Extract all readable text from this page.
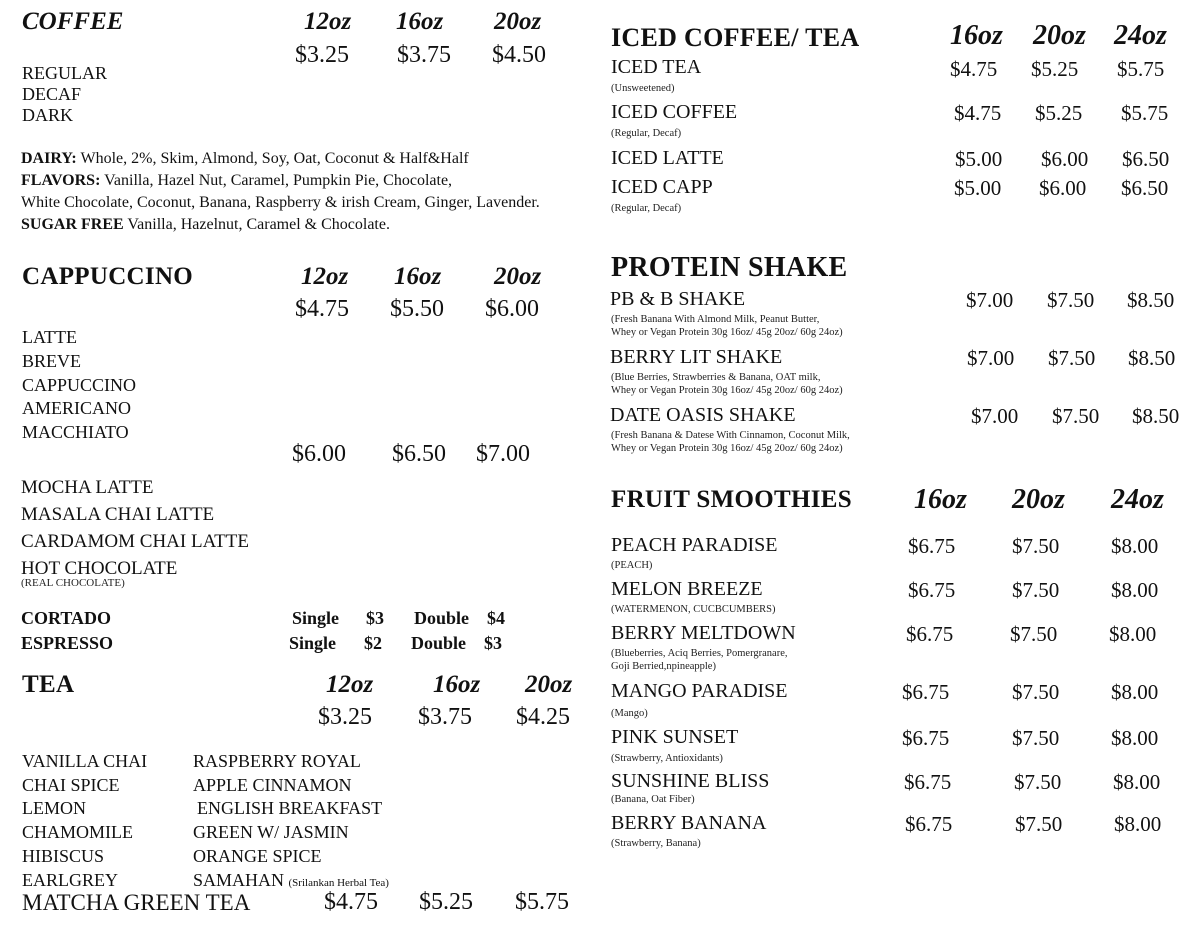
COFFEE	12oz 16oz 20oz
$3.25 $3.75 $4.50
REGULAR
DECAF
DARK
DAIRY: Whole, 2%, Skim, Almond, Soy, Oat, Coconut & Half&Half
FLAVORS: Vanilla, Hazel Nut, Caramel, Pumpkin Pie, Chocolate,
White Chocolate, Coconut, Banana, Raspberry & irish Cream, Ginger, Lavender.
SUGAR FREE Vanilla, Hazelnut, Caramel & Chocolate.
CAPPUCCINO	12oz 16oz 20oz
$4.75 $5.50 $6.00
LATTE
BREVE
CAPPUCCINO
AMERICANO
MACCHIATO
$6.00 $6.50 $7.00
MOCHA LATTE
MASALA CHAI LATTE
CARDAMOM CHAI LATTE
HOT CHOCOLATE
(REAL CHOCOLATE)
CORTADO	Single $3 Double $4
ESPRESSO	Single $2 Double $3
TEA	12oz 16oz 20oz
$3.25 $3.75 $4.25
VANILLA CHAI
CHAI SPICE
LEMON
CHAMOMILE
HIBISCUS
EARLGREY
RASPBERRY ROYAL
APPLE CINNAMON
ENGLISH BREAKFAST
GREEN W/ JASMIN
ORANGE SPICE
SAMAHAN (Srilankan Herbal Tea)
MATCHA GREEN TEA	$4.75 $5.25 $5.75
ICED COFFEE/ TEA	16oz 20oz 24oz
ICED TEA
(Unsweetened)
$4.75 $5.25 $5.75
ICED COFFEE
(Regular, Decaf)
$4.75 $5.25 $5.75
ICED LATTE	$5.00 $6.00 $6.50
ICED CAPP
(Regular, Decaf)
$5.00 $6.00 $6.50
PROTEIN SHAKE
PB & B SHAKE
(Fresh Banana With Almond Milk, Peanut Butter,
Whey or Vegan Protein 30g 16oz/ 45g 20oz/ 60g 24oz)
$7.00 $7.50 $8.50
BERRY LIT SHAKE
(Blue Berries, Strawberries & Banana, OAT milk,
Whey or Vegan Protein 30g 16oz/ 45g 20oz/ 60g 24oz)
$7.00 $7.50 $8.50
DATE OASIS SHAKE
(Fresh Banana & Datese With Cinnamon, Coconut Milk,
Whey or Vegan Protein 30g 16oz/ 45g 20oz/ 60g 24oz)
$7.00 $7.50 $8.50
FRUIT SMOOTHIES 16oz 20oz 24oz
PEACH PARADISE
(PEACH)
$6.75	$7.50 $8.00
MELON BREEZE
(WATERMENON, CUCBCUMBERS)
$6.75	$7.50 $8.00
BERRY MELTDOWN
(Blueberries, Aciq Berries, Pomergranare,
Goji Berried,npineapple)
$6.75	$7.50 $8.00
MANGO PARADISE
(Mango)
$6.75	$7.50 $8.00
PINK SUNSET
(Strawberry, Antioxidants)
$6.75	$7.50 $8.00
SUNSHINE BLISS
(Banana, Oat Fiber)
$6.75	$7.50 $8.00
BERRY BANANA
(Strawberry, Banana)
$6.75	$7.50 $8.00
